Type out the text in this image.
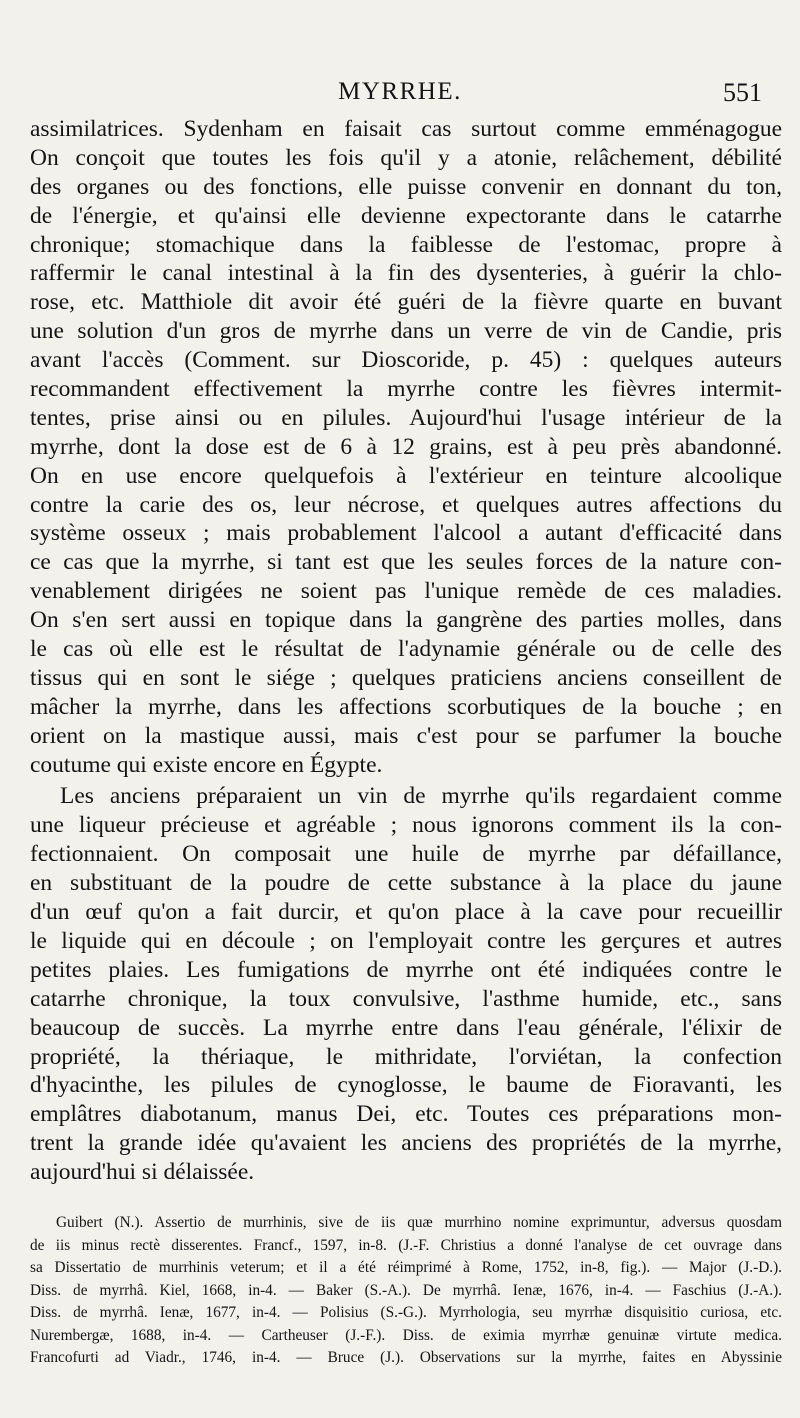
MYRRHE.	551
assimilatrices. Sydenham en faisait cas surtout comme emménagogue
On conçoit que toutes les fois qu'il y a atonie, relâchement, débilité
des organes ou des fonctions, elle puisse convenir en donnant du ton,
de l'énergie, et qu'ainsi elle devienne expectorante dans le catarrhe
chronique; stomachique dans la faiblesse de l'estomac, propre à
raffermir le canal intestinal à la fin des dysenteries, à guérir la chlo-
rose, etc. Matthiole dit avoir été guéri de la fièvre quarte en buvant
une solution d'un gros de myrrhe dans un verre de vin de Candie, pris
avant l'accès (Comment. sur Dioscoride, p. 45) : quelques auteurs
recommandent effectivement la myrrhe contre les fièvres intermit-
tentes, prise ainsi ou en pilules. Aujourd'hui l'usage intérieur de la
myrrhe, dont la dose est de 6 à 12 grains, est à peu près abandonné.
On en use encore quelquefois à l'extérieur en teinture alcoolique
contre la carie des os, leur nécrose, et quelques autres affections du
système osseux ; mais probablement l'alcool a autant d'efficacité dans
ce cas que la myrrhe, si tant est que les seules forces de la nature con-
venablement dirigées ne soient pas l'unique remède de ces maladies.
On s'en sert aussi en topique dans la gangrène des parties molles, dans
le cas où elle est le résultat de l'adynamie générale ou de celle des
tissus qui en sont le siége ; quelques praticiens anciens conseillent de
mâcher la myrrhe, dans les affections scorbutiques de la bouche ; en
orient on la mastique aussi, mais c'est pour se parfumer la bouche
coutume qui existe encore en Égypte.
Les anciens préparaient un vin de myrrhe qu'ils regardaient comme
une liqueur précieuse et agréable ; nous ignorons comment ils la con-
fectionnaient. On composait une huile de myrrhe par défaillance,
en substituant de la poudre de cette substance à la place du jaune
d'un œuf qu'on a fait durcir, et qu'on place à la cave pour recueillir
le liquide qui en découle ; on l'employait contre les gerçures et autres
petites plaies. Les fumigations de myrrhe ont été indiquées contre le
catarrhe chronique, la toux convulsive, l'asthme humide, etc., sans
beaucoup de succès. La myrrhe entre dans l'eau générale, l'élixir de
propriété, la thériaque, le mithridate, l'orviétan, la confection
d'hyacinthe, les pilules de cynoglosse, le baume de Fioravanti, les
emplâtres diabotanum, manus Dei, etc. Toutes ces préparations mon-
trent la grande idée qu'avaient les anciens des propriétés de la myrrhe,
aujourd'hui si délaissée.
Guibert (N.). Assertio de murrhinis, sive de iis quæ murrhino nomine exprimuntur, adversus quosdam
de iis minus rectè disserentes. Francf., 1597, in-8. (J.-F. Christius a donné l'analyse de cet ouvrage dans
sa Dissertatio de murrhinis veterum; et il a été réimprimé à Rome, 1752, in-8, fig.). — Major (J.-D.).
Diss. de myrrhâ. Kiel, 1668, in-4. — Baker (S.-A.). De myrrhâ. Ienæ, 1676, in-4. — Faschius (J.-A.).
Diss. de myrrhâ. Ienæ, 1677, in-4. — Polisius (S.-G.). Myrrhologia, seu myrrhæ disquisitio curiosa, etc.
Nurembergæ, 1688, in-4. — Cartheuser (J.-F.). Diss. de eximia myrrhæ genuinæ virtute medica.
Francofurti ad Viadr., 1746, in-4. — Bruce (J.). Observations sur la myrrhe, faites en Abyssinie
